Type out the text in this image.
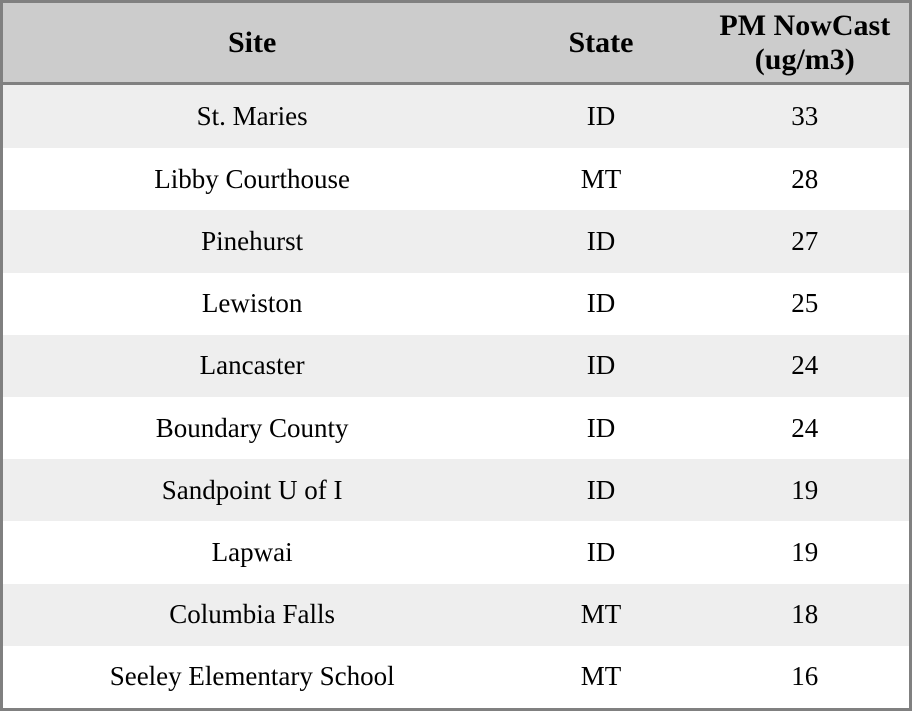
Site	State	PM NowCast (ug/m3)
St. Maries	ID	33
Libby Courthouse	MT	28
Pinehurst	ID	27
Lewiston	ID	25
Lancaster	ID	24
Boundary County	ID	24
Sandpoint U of I	ID	19
Lapwai	ID	19
Columbia Falls	MT	18
Seeley Elementary School	MT	16
